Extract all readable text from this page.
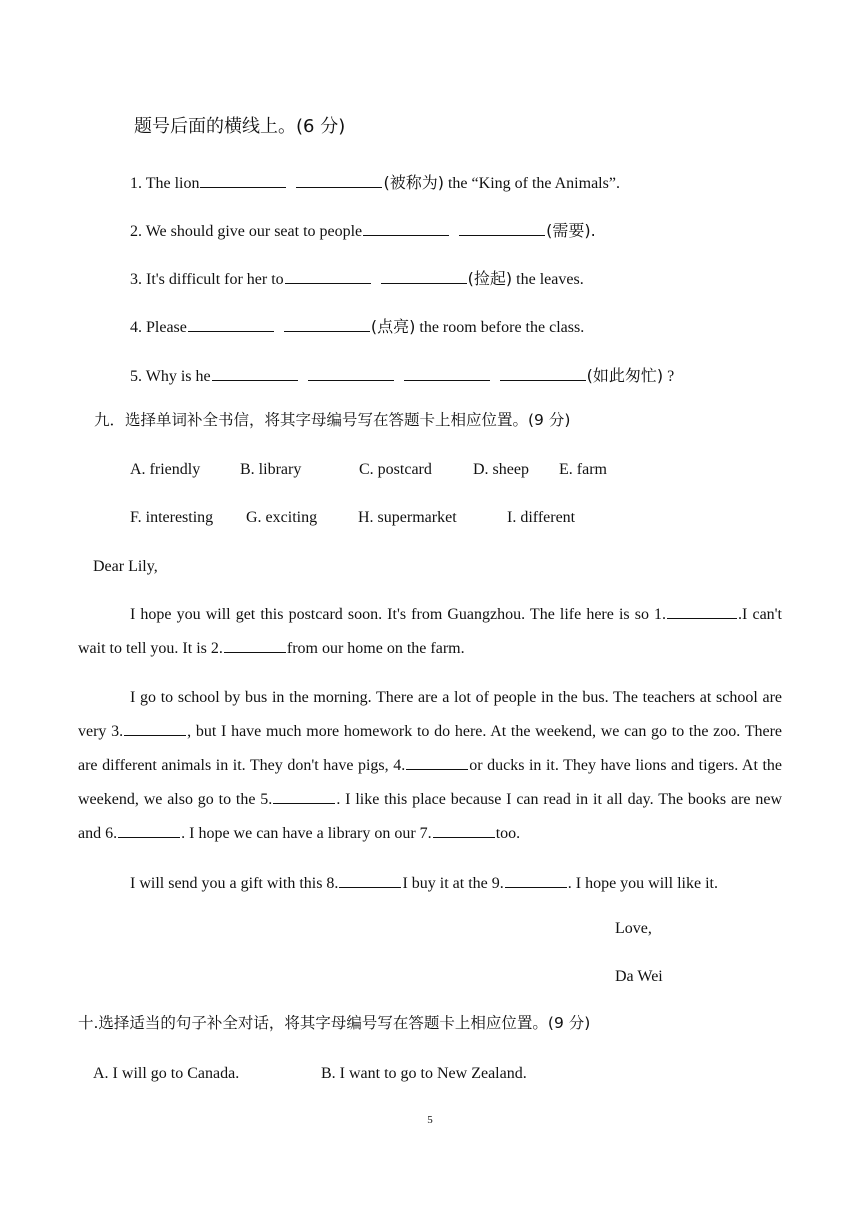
题号后面的横线上。(6 分)
1. The lion	(被称为) the “King of the Animals”.
2. We should give our seat to people	(需要).
3. It's difficult for her to	(捡起) the leaves.
4. Please	(点亮) the room before the class.
5. Why is he	(如此匆忙) ?
九．选择单词补全书信，将其字母编号写在答题卡上相应位置。(9 分)
A. friendly B. library	C. postcard	D. sheep E. farm
F. interesting G. exciting	H. supermarket	I. different
Dear Lily,
I hope you will get this postcard soon. It's from Guangzhou. The life here is so 1.	.I can't wait to tell you. It is 2.	from our home on the farm.
I go to school by bus in the morning. There are a lot of people in the bus. The teachers at school are very 3.	, but I have much more homework to do here. At the weekend, we can go to the zoo. There are different animals in it. They don't have pigs, 4.	or ducks in it. They have lions and tigers. At the weekend, we also go to the 5.	. I like this place because I can read in it all day. The books are new and 6.	. I hope we can have a library on our 7.	too.
I will send you a gift with this 8.	I buy it at the 9.	. I hope you will like it.
Love,
Da Wei
十.选择适当的句子补全对话，将其字母编号写在答题卡上相应位置。(9 分)
A. I will go to Canada.	B. I want to go to New Zealand.
5
